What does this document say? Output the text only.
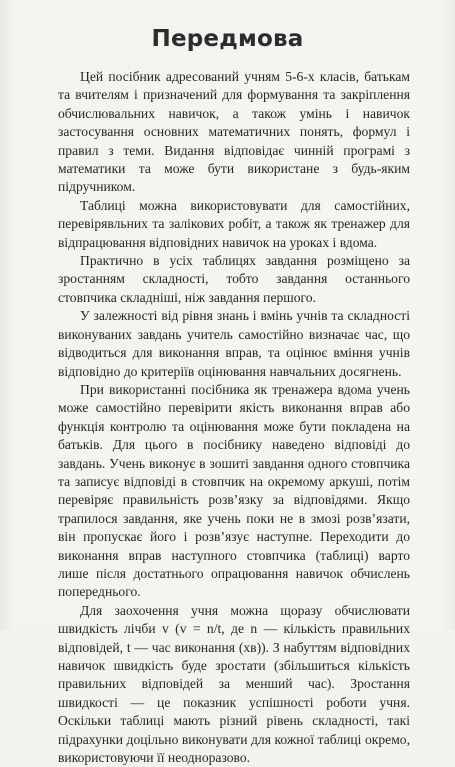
Передмова

Цей посібник адресований учням 5-6-х класів, батькам та вчителям і призначений для формування та закріплення обчислювальних навичок, а також умінь і навичок застосування основних математичних понять, формул і правил з теми. Видання відповідає чинній програмі з математики та може бути використане з будь-яким підручником.

Таблиці можна використовувати для самостійних, перевірявльних та залікових робіт, а також як тренажер для відпрацювання відповідних навичок на уроках і вдома.

Практично в усіх таблицях завдання розміщено за зростанням складності, тобто завдання останнього стовпчика складніші, ніж завдання першого.

У залежності від рівня знань і вмінь учнів та складності виконуваних завдань учитель самостійно визначає час, що відводиться для виконання вправ, та оцінює вміння учнів відповідно до критеріїв оцінювання навчальних досягнень.

При використанні посібника як тренажера вдома учень може самостійно перевірити якість виконання вправ або функція контролю та оцінювання може бути покладена на батьків. Для цього в посібнику наведено відповіді до завдань. Учень виконує в зошиті завдання одного стовпчика та записує відповіді в стовпчик на окремому аркуші, потім перевіряє правильність розв’язку за відповідями. Якщо трапилося завдання, яке учень поки не в змозі розв’язати, він пропускає його і розв’язує наступне. Переходити до виконання вправ наступного стовпчика (таблиці) варто лише після достатнього опрацювання навичок обчислень попереднього.

Для заохочення учня можна щоразу обчислювати швидкість лічби v (v = n/t, де n — кількість правильних відповідей, t — час виконання (хв)). З набуттям відповідних навичок швидкість буде зростати (збільшиться кількість правильних відповідей за менший час). Зростання швидкості — це показник успішності роботи учня. Оскільки таблиці мають різний рівень складності, такі підрахунки доцільно виконувати для кожної таблиці окремо, використовуючи її неодноразово.
